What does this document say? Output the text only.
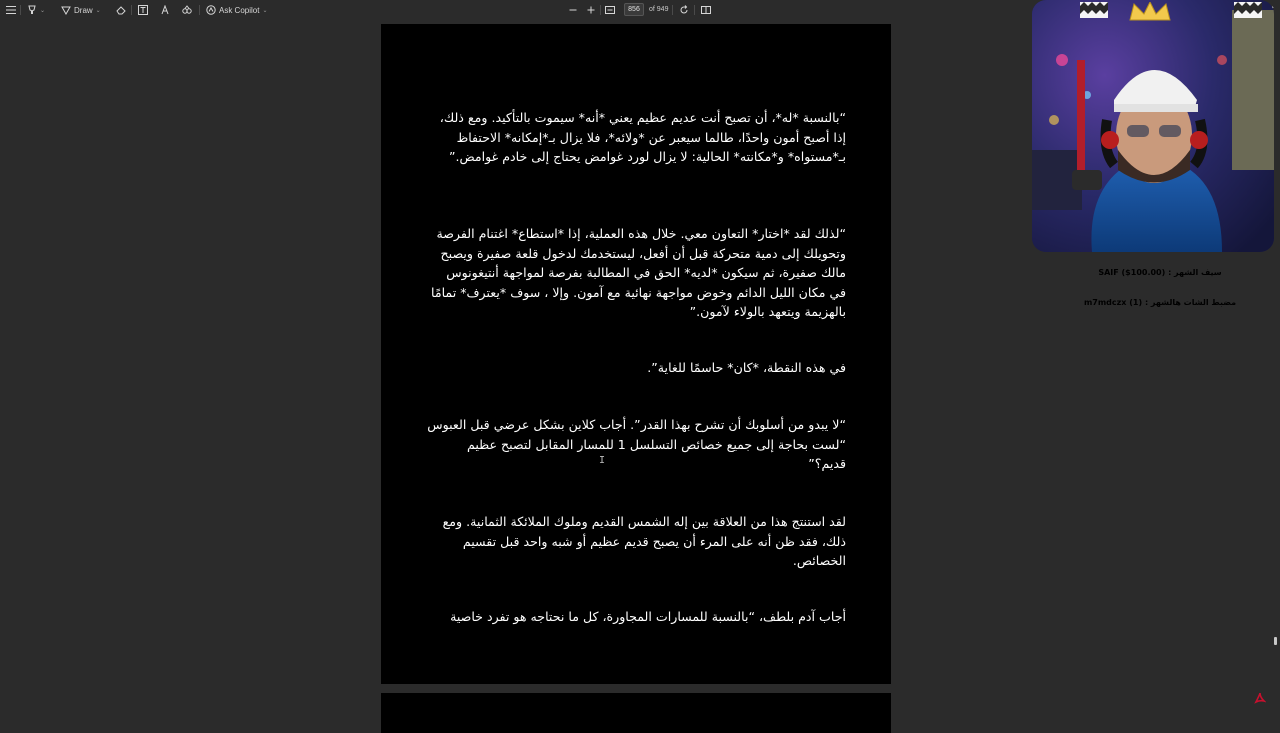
⌄	Draw ⌄	Ask Copilot ⌄
856	of 949

“بالنسبة *له*، أن تصبح أنت عديم عظيم يعني *أنه* سيموت بالتأكيد. ومع ذلك، إذا أصبح أمون واحدًا، طالما سيعبر عن *ولائه*، فلا يزال بـ*إمكانه* الاحتفاظ بـ*مستواه* و*مكانته* الحالية: لا يزال لورد غوامض يحتاج إلى خادم غوامض.”

“لذلك لقد *اختار* التعاون معي. خلال هذه العملية، إذا *استطاع* اغتنام الفرصة وتحويلك إلى دمية متحركة قبل أن أفعل، ليستخدمك لدخول قلعة صفيرة ويصبح مالك صفيرة، ثم سيكون *لديه* الحق في المطالبة بفرصة لمواجهة أنتيغونوس في مكان الليل الدائم وخوض مواجهة نهائية مع آمون. وإلا ، سوف *يعترف* تمامًا بالهزيمة ويتعهد بالولاء لآمون.”

في هذه النقطة، *كان* حاسمًا للغاية”.

“لا يبدو من أسلوبك أن تشرح بهذا القدر”. أجاب كلاين بشكل عرضي قبل العبوس “لست بحاجة إلى جميع خصائص التسلسل 1 للمسار المقابل لتصبح عظيم قديم؟”

لقد استنتج هذا من العلاقة بين إله الشمس القديم وملوك الملائكة الثمانية. ومع ذلك، فقد ظن أنه على المرء أن يصبح قديم عظيم أو شبه واحد قبل تقسيم الخصائص.

أجاب آدم بلطف، “بالنسبة للمسارات المجاورة، كل ما نحتاجه هو تفرد خاصية

I
سيف الشهر : SAIF ($100.00)
مضبط الشات هالشهر : (1) m7mdczx
